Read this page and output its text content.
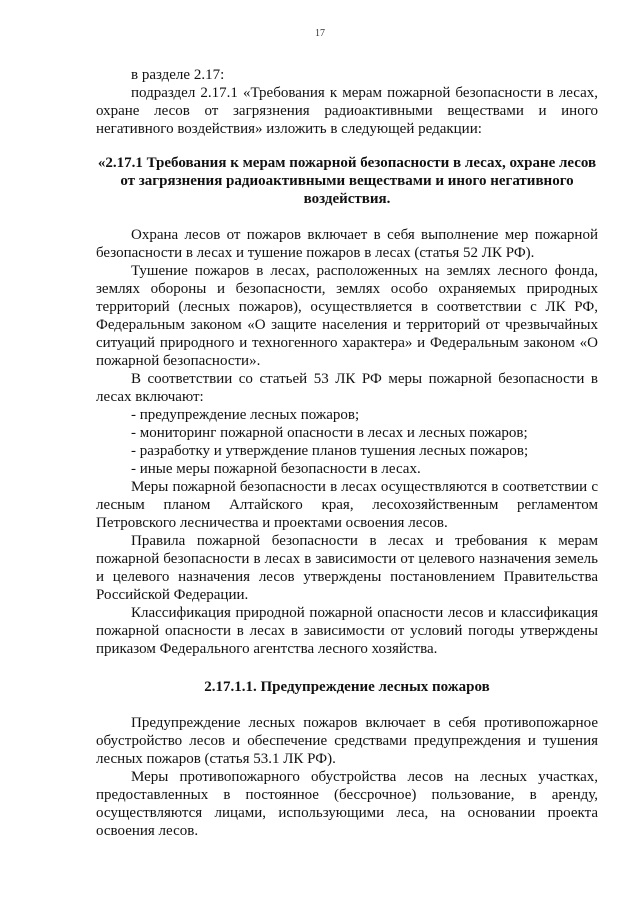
17

в разделе 2.17:

подраздел 2.17.1 «Требования к мерам пожарной безопасности в лесах, охране лесов от загрязнения радиоактивными веществами и иного негативного воздействия» изложить в следующей редакции:

«2.17.1 Требования к мерам пожарной безопасности в лесах, охране лесов от загрязнения радиоактивными веществами и иного негативного воздействия.

Охрана лесов от пожаров включает в себя выполнение мер пожарной безопасности в лесах и тушение пожаров в лесах (статья 52 ЛК РФ).

Тушение пожаров в лесах, расположенных на землях лесного фонда, землях обороны и безопасности, землях особо охраняемых природных территорий (лесных пожаров), осуществляется в соответствии с ЛК РФ, Федеральным законом «О защите населения и территорий от чрезвычайных ситуаций природного и техногенного характера» и Федеральным законом «О пожарной безопасности».

В соответствии со статьей 53 ЛК РФ меры пожарной безопасности в лесах включают:

- предупреждение лесных пожаров;

- мониторинг пожарной опасности в лесах и лесных пожаров;

- разработку и утверждение планов тушения лесных пожаров;

- иные меры пожарной безопасности в лесах.

Меры пожарной безопасности в лесах осуществляются в соответствии с лесным планом Алтайского края, лесохозяйственным регламентом Петровского лесничества и проектами освоения лесов.

Правила пожарной безопасности в лесах и требования к мерам пожарной безопасности в лесах в зависимости от целевого назначения земель и целевого назначения лесов утверждены постановлением Правительства Российской Федерации.

Классификация природной пожарной опасности лесов и классификация пожарной опасности в лесах в зависимости от условий погоды утверждены приказом Федерального агентства лесного хозяйства.

2.17.1.1. Предупреждение лесных пожаров

Предупреждение лесных пожаров включает в себя противопожарное обустройство лесов и обеспечение средствами предупреждения и тушения лесных пожаров (статья 53.1 ЛК РФ).

Меры противопожарного обустройства лесов на лесных участках, предоставленных в постоянное (бессрочное) пользование, в аренду, осуществляются лицами, использующими леса, на основании проекта освоения лесов.
